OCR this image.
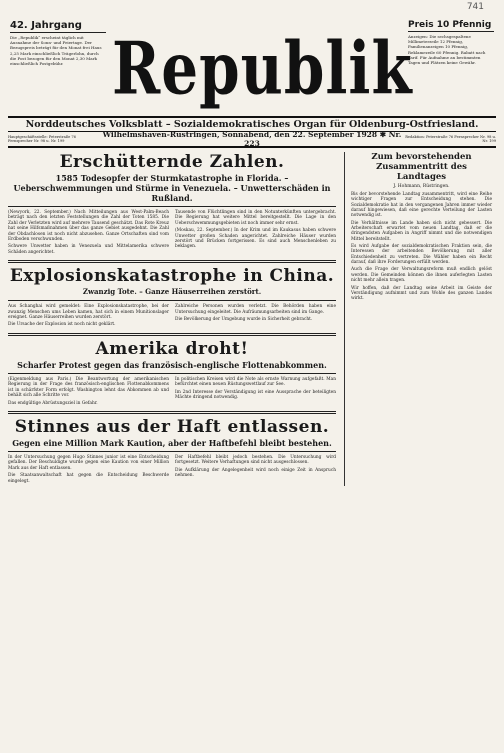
741
42. Jahrgang
Die „Republik“ erscheint täglich mit Ausnahme der Sonn- und Feiertage. Der Bezugspreis beträgt für den Monat frei Haus 2,25 Mark einschließlich Trägerlohn, durch die Post bezogen für den Monat 2,30 Mark einschließlich Postgebühr. Republik
Preis 10 Pfennig
Anzeigen: Die sechsgespaltene Millimeterzeile 12 Pfennig, Familienanzeigen 10 Pfennig, Reklamezeile 60 Pfennig. Rabatt nach Tarif. Für Aufnahme an bestimmten Tagen und Plätzen keine Gewähr.
Norddeutsches Volksblatt – Sozialdemokratisches Organ für Oldenburg-Ostfriesland.
Hauptgeschäftsstelle: Peterstraße 76 Fernsprecher Nr. 98 u. Nr. 199
Wilhelmshaven-Rüstringen, Sonnabend, den 22. September 1928 ✱ Nr. 223
Redaktion: Peterstraße 76 Fernsprecher Nr. 98 u. Nr. 199
Erschütternde Zahlen.
1585 Todesopfer der Sturmkatastrophe in Florida. – Ueberschwemmungen und Stürme in Venezuela. – Unwetterschäden in Rußland.

(Newyork, 22. September.) Nach Mitteilungen aus West-Palm-Beach beträgt nach den letzten Feststellungen die Zahl der Toten 1585. Die Zahl der Verletzten wird auf mehrere Tausend geschätzt. Das Rote Kreuz hat seine Hilfsmaßnahmen über das ganze Gebiet ausgedehnt. Die Zahl der Obdachlosen ist noch nicht abzusehen. Ganze Ortschaften sind vom Erdboden verschwunden.

Schwere Unwetter haben in Venezuela und Mittelamerika schwere Schäden angerichtet.

Tausende von Flüchtlingen sind in den Notunterkünften untergebracht. Die Regierung hat weitere Mittel bereitgestellt. Die Lage in den Ueberschwemmungsgebieten ist noch immer sehr ernst.

(Moskau, 22. September.) In der Krim und im Kaukasus haben schwere Unwetter großen Schaden angerichtet. Zahlreiche Häuser wurden zerstört und Brücken fortgerissen. Es sind auch Menschenleben zu beklagen.

Explosionskatastrophe in China.
Zwanzig Tote. – Ganze Häuserreihen zerstört.

Aus Schanghai wird gemeldet: Eine Explosionskatastrophe, bei der zwanzig Menschen ums Leben kamen, hat sich in einem Munitionslager ereignet. Ganze Häuserreihen wurden zerstört.

Die Ursache der Explosion ist noch nicht geklärt.

Zahlreiche Personen wurden verletzt. Die Behörden haben eine Untersuchung eingeleitet. Die Aufräumungsarbeiten sind im Gange.

Die Bevölkerung der Umgebung wurde in Sicherheit gebracht.

Amerika droht!
Scharfer Protest gegen das französisch-englische Flottenabkommen.

(Eigenmeldung aus Paris.) Die Beantwortung der amerikanischen Regierung in der Frage des französisch-englischen Flottenabkommens ist in schärfster Form erfolgt. Washington lehnt das Abkommen ab und behält sich alle Schritte vor.

Das endgültige Abrüstungsziel in Gefahr.

In politischen Kreisen wird die Note als ernste Warnung aufgefaßt. Man befürchtet einen neuen Rüstungswettlauf zur See.

Im 2nd Interesse der Verständigung ist eine Aussprache der beteiligten Mächte dringend notwendig.

Stinnes aus der Haft entlassen.
Gegen eine Million Mark Kaution, aber der Haftbefehl bleibt bestehen.

In der Untersuchung gegen Hugo Stinnes junior ist eine Entscheidung gefallen. Der Beschuldigte wurde gegen eine Kaution von einer Million Mark aus der Haft entlassen.

Die Staatsanwaltschaft hat gegen die Entscheidung Beschwerde eingelegt.

Der Haftbefehl bleibt jedoch bestehen. Die Untersuchung wird fortgesetzt. Weitere Verhaftungen sind nicht ausgeschlossen.

Die Aufklärung der Angelegenheit wird noch einige Zeit in Anspruch nehmen.

Zum bevorstehenden Zusammentritt des Landtages
J. Hohmann, Rüstringen.

Bis der bevorstehende Landtag zusammentritt, wird eine Reihe wichtiger Fragen zur Entscheidung stehen. Die Sozialdemokratie hat in den vergangenen Jahren immer wieder darauf hingewiesen, daß eine gerechte Verteilung der Lasten notwendig ist.

Die Verhältnisse im Lande haben sich nicht gebessert. Die Arbeiterschaft erwartet vom neuen Landtag, daß er die dringendsten Aufgaben in Angriff nimmt und die notwendigen Mittel bereitstellt.

Es wird Aufgabe der sozialdemokratischen Fraktion sein, die Interessen der arbeitenden Bevölkerung mit aller Entschiedenheit zu vertreten. Die Wähler haben ein Recht darauf, daß ihre Forderungen erfüllt werden.

Auch die Frage der Verwaltungsreform muß endlich gelöst werden. Die Gemeinden können die ihnen auferlegten Lasten nicht mehr allein tragen.

Wir hoffen, daß der Landtag seine Arbeit im Geiste der Verständigung aufnimmt und zum Wohle des ganzen Landes wirkt.
